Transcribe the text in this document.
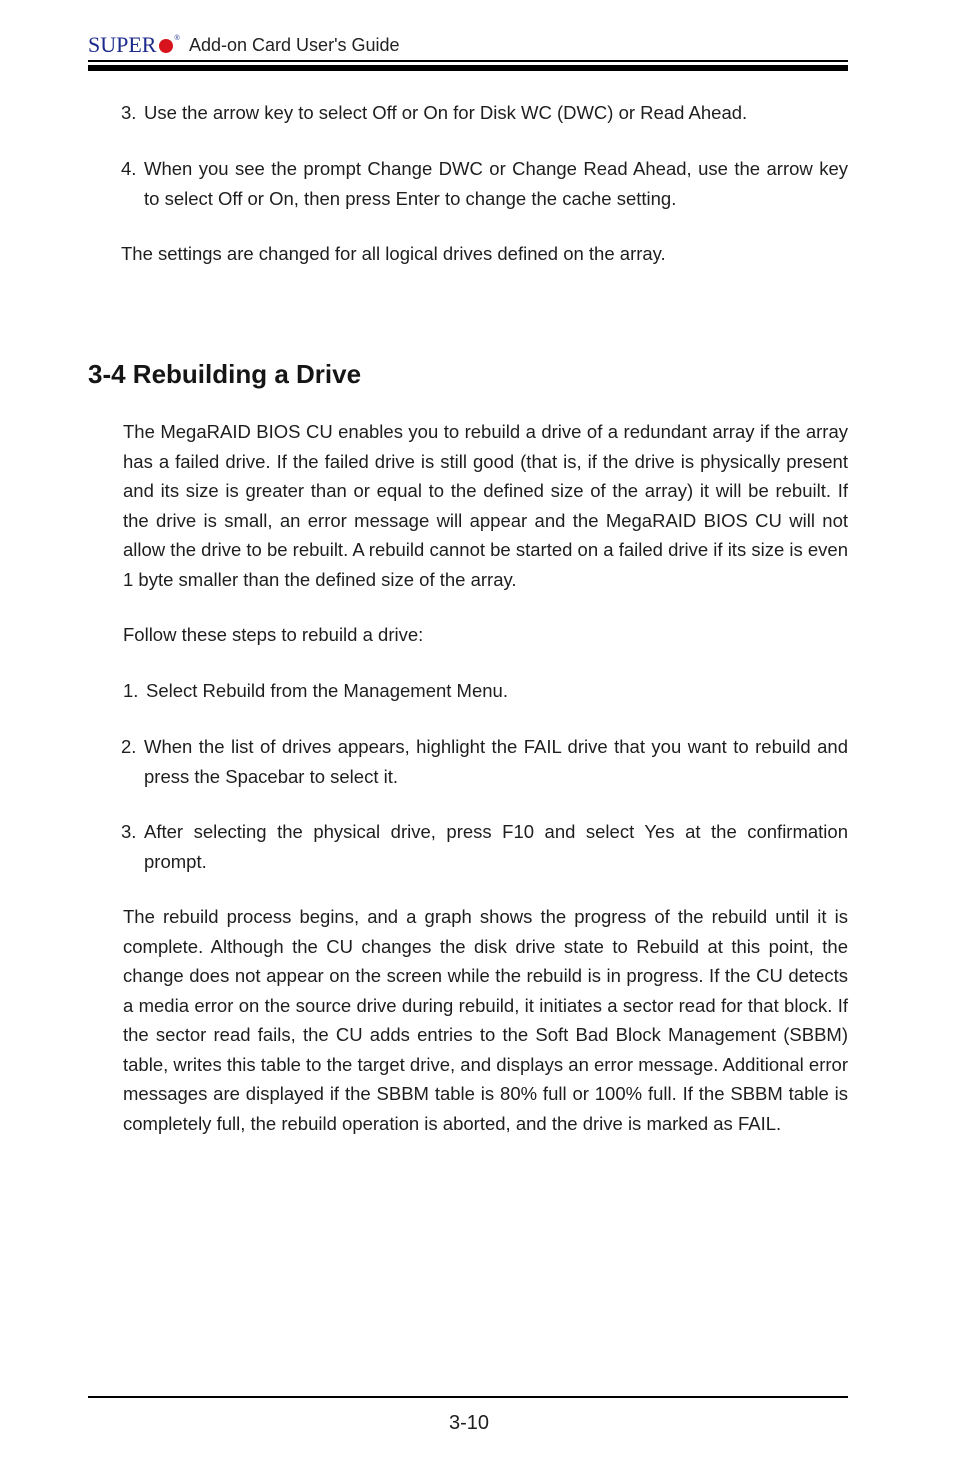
SUPER	® Add-on Card User's Guide
3. Use the arrow key to select Off or On for Disk WC (DWC) or Read Ahead.
4. When you see the prompt Change DWC or Change Read Ahead, use the arrow key to select Off or On, then press Enter to change the cache setting.
The settings are changed for all logical drives defined on the array.
3-4 Rebuilding a Drive
The MegaRAID BIOS CU enables you to rebuild a drive of a redundant array if the array has a failed drive. If the failed drive is still good (that is, if the drive is physically present and its size is greater than or equal to the defined size of the array) it will be rebuilt. If the drive is small, an error message will appear and the MegaRAID BIOS CU will not allow the drive to be rebuilt. A rebuild cannot be started on a failed drive if its size is even 1 byte smaller than the defined size of the array.
Follow these steps to rebuild a drive:
1. Select Rebuild from the Management Menu.
2. When the list of drives appears, highlight the FAIL drive that you want to rebuild and press the Spacebar to select it.
3. After selecting the physical drive, press F10 and select Yes at the confirmation prompt.
The rebuild process begins, and a graph shows the progress of the rebuild until it is complete. Although the CU changes the disk drive state to Rebuild at this point, the change does not appear on the screen while the rebuild is in progress. If the CU detects a media error on the source drive during rebuild, it initiates a sector read for that block. If the sector read fails, the CU adds entries to the Soft Bad Block Management (SBBM) table, writes this table to the target drive, and displays an error message. Additional error messages are displayed if the SBBM table is 80% full or 100% full. If the SBBM table is completely full, the rebuild operation is aborted, and the drive is marked as FAIL.
3-10
